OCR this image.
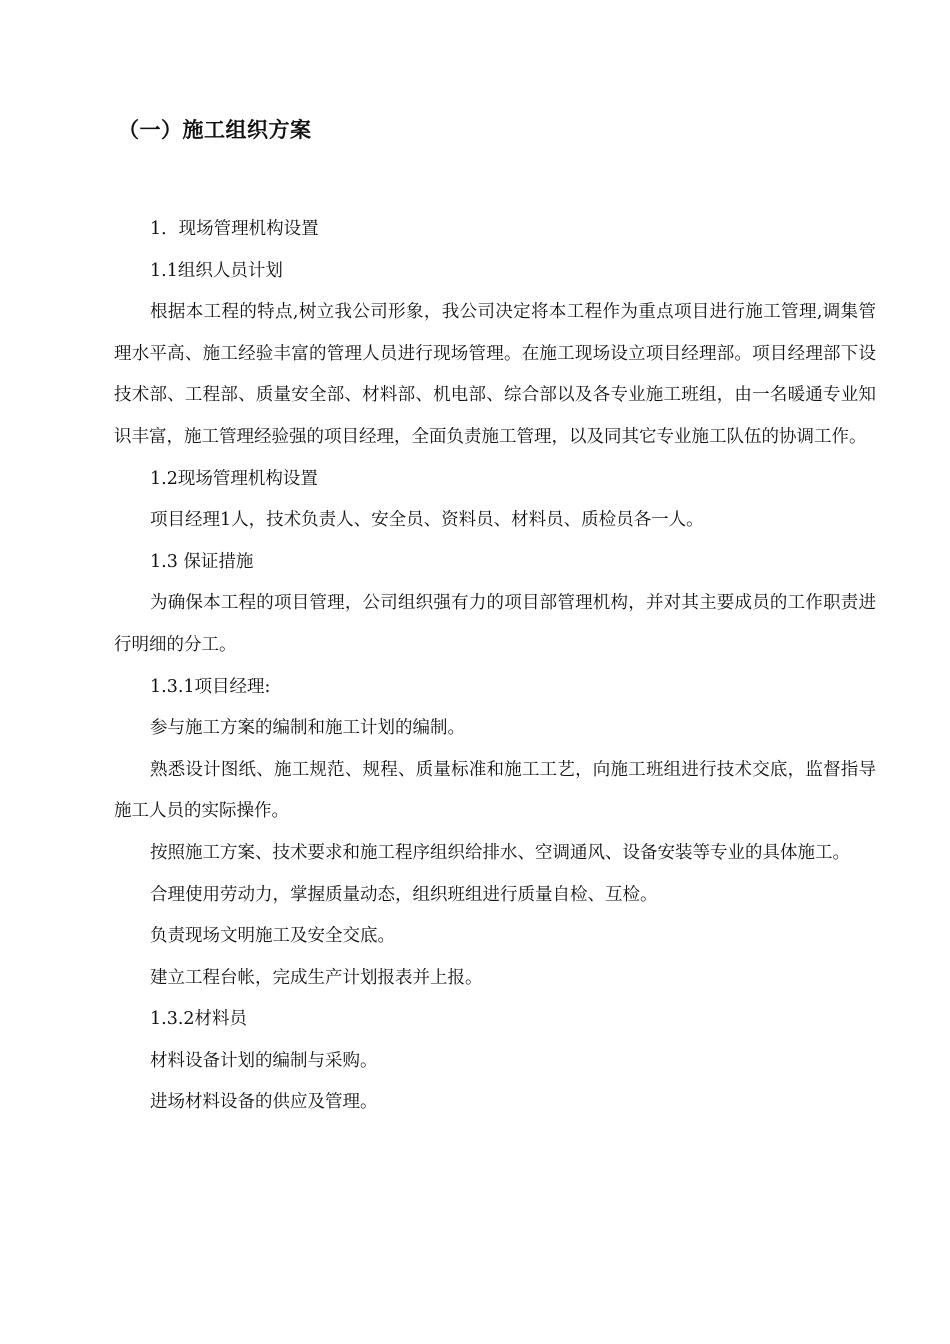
（一）施工组织方案

1．现场管理机构设置

1.1组织人员计划

根据本工程的特点,树立我公司形象，我公司决定将本工程作为重点项目进行施工管理,调集管理水平高、施工经验丰富的管理人员进行现场管理。在施工现场设立项目经理部。项目经理部下设技术部、工程部、质量安全部、材料部、机电部、综合部以及各专业施工班组，由一名暖通专业知识丰富，施工管理经验强的项目经理，全面负责施工管理，以及同其它专业施工队伍的协调工作。

1.2现场管理机构设置

项目经理1人，技术负责人、安全员、资料员、材料员、质检员各一人。

1.3 保证措施

为确保本工程的项目管理，公司组织强有力的项目部管理机构，并对其主要成员的工作职责进行明细的分工。

1.3.1项目经理:

参与施工方案的编制和施工计划的编制。

熟悉设计图纸、施工规范、规程、质量标准和施工工艺，向施工班组进行技术交底，监督指导施工人员的实际操作。

按照施工方案、技术要求和施工程序组织给排水、空调通风、设备安装等专业的具体施工。

合理使用劳动力，掌握质量动态，组织班组进行质量自检、互检。

负责现场文明施工及安全交底。

建立工程台帐，完成生产计划报表并上报。

1.3.2材料员

材料设备计划的编制与采购。

进场材料设备的供应及管理。
